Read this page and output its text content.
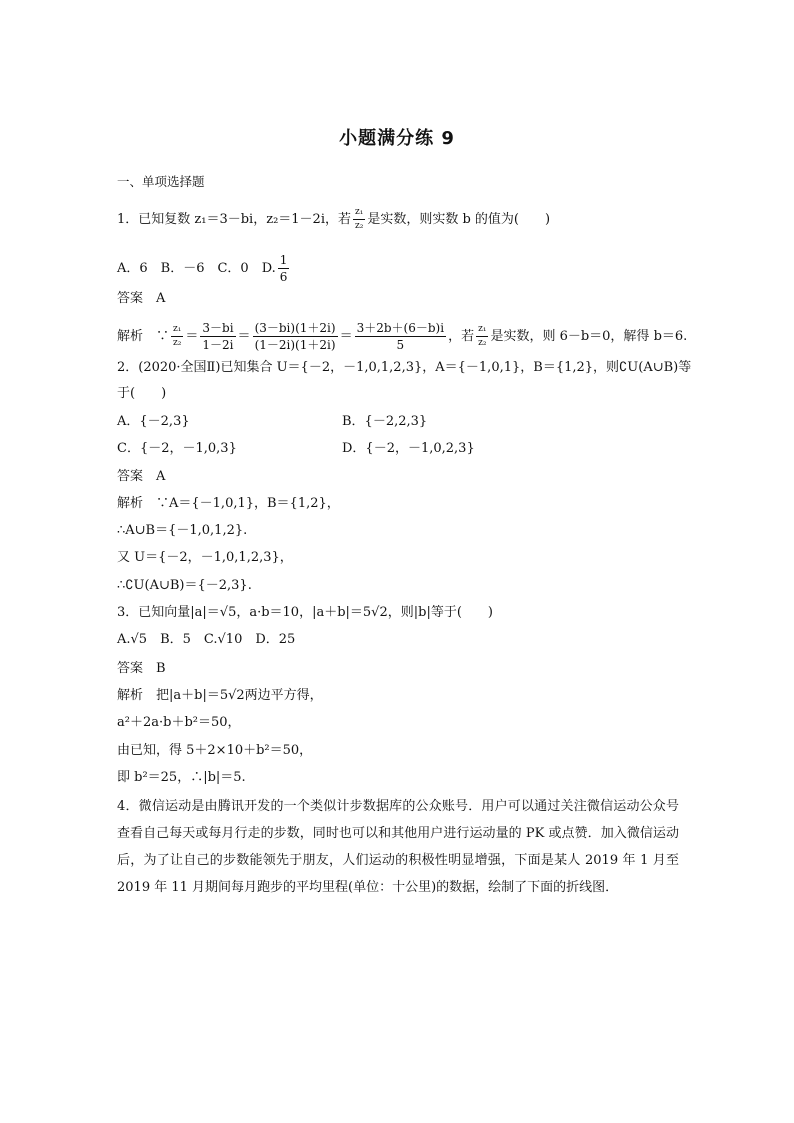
小题满分练 9
一、单项选择题
1．已知复数 z₁＝3－bi，z₂＝1－2i，若 $\frac{\text{z₁}}{\text{z₂}}$ 是实数，则实数 b 的值为(　　)
A．6　B．－6　C．0　D. $\frac{1}{6}$
答案　A
解析　∵ $\frac{\text{z₁}}{\text{z₂}} = \frac{3-bi}{1-2i} = \frac{(3-bi)(1+2i)}{(1-2i)(1+2i)} = \frac{3+2b+(6-b)i}{5}$ ，若 $\frac{\text{z₁}}{\text{z₂}}$ 是实数，则 6－b＝0，解得 b＝6.
2．(2020·全国Ⅱ)已知集合 U＝{－2，－1,0,1,2,3}，A＝{－1,0,1}，B＝{1,2}，则∁U(A∪B)等
于(　　)
A．{－2,3}	B．{－2,2,3}
C．{－2，－1,0,3}	D．{－2，－1,0,2,3}
答案　A
解析　∵A＝{－1,0,1}，B＝{1,2}，
∴A∪B＝{－1,0,1,2}.
又 U＝{－2，－1,0,1,2,3}，
∴∁U(A∪B)＝{－2,3}.
3．已知向量|a|＝√5，a·b＝10，|a＋b|＝5√2，则|b|等于(　　)
A.√5　B．5　C.√10　D．25
答案　B
解析　把|a＋b|＝5√2两边平方得，
a²＋2a·b＋b²＝50，
由已知，得 5＋2×10＋b²＝50，
即 b²＝25，∴|b|＝5.
4．微信运动是由腾讯开发的一个类似计步数据库的公众账号．用户可以通过关注微信运动公众号查看自己每天或每月行走的步数，同时也可以和其他用户进行运动量的 PK 或点赞．加入微信运动后，为了让自己的步数能领先于朋友，人们运动的积极性明显增强，下面是某人 2019 年 1 月至 2019 年 11 月期间每月跑步的平均里程(单位：十公里)的数据，绘制了下面的折线图．
